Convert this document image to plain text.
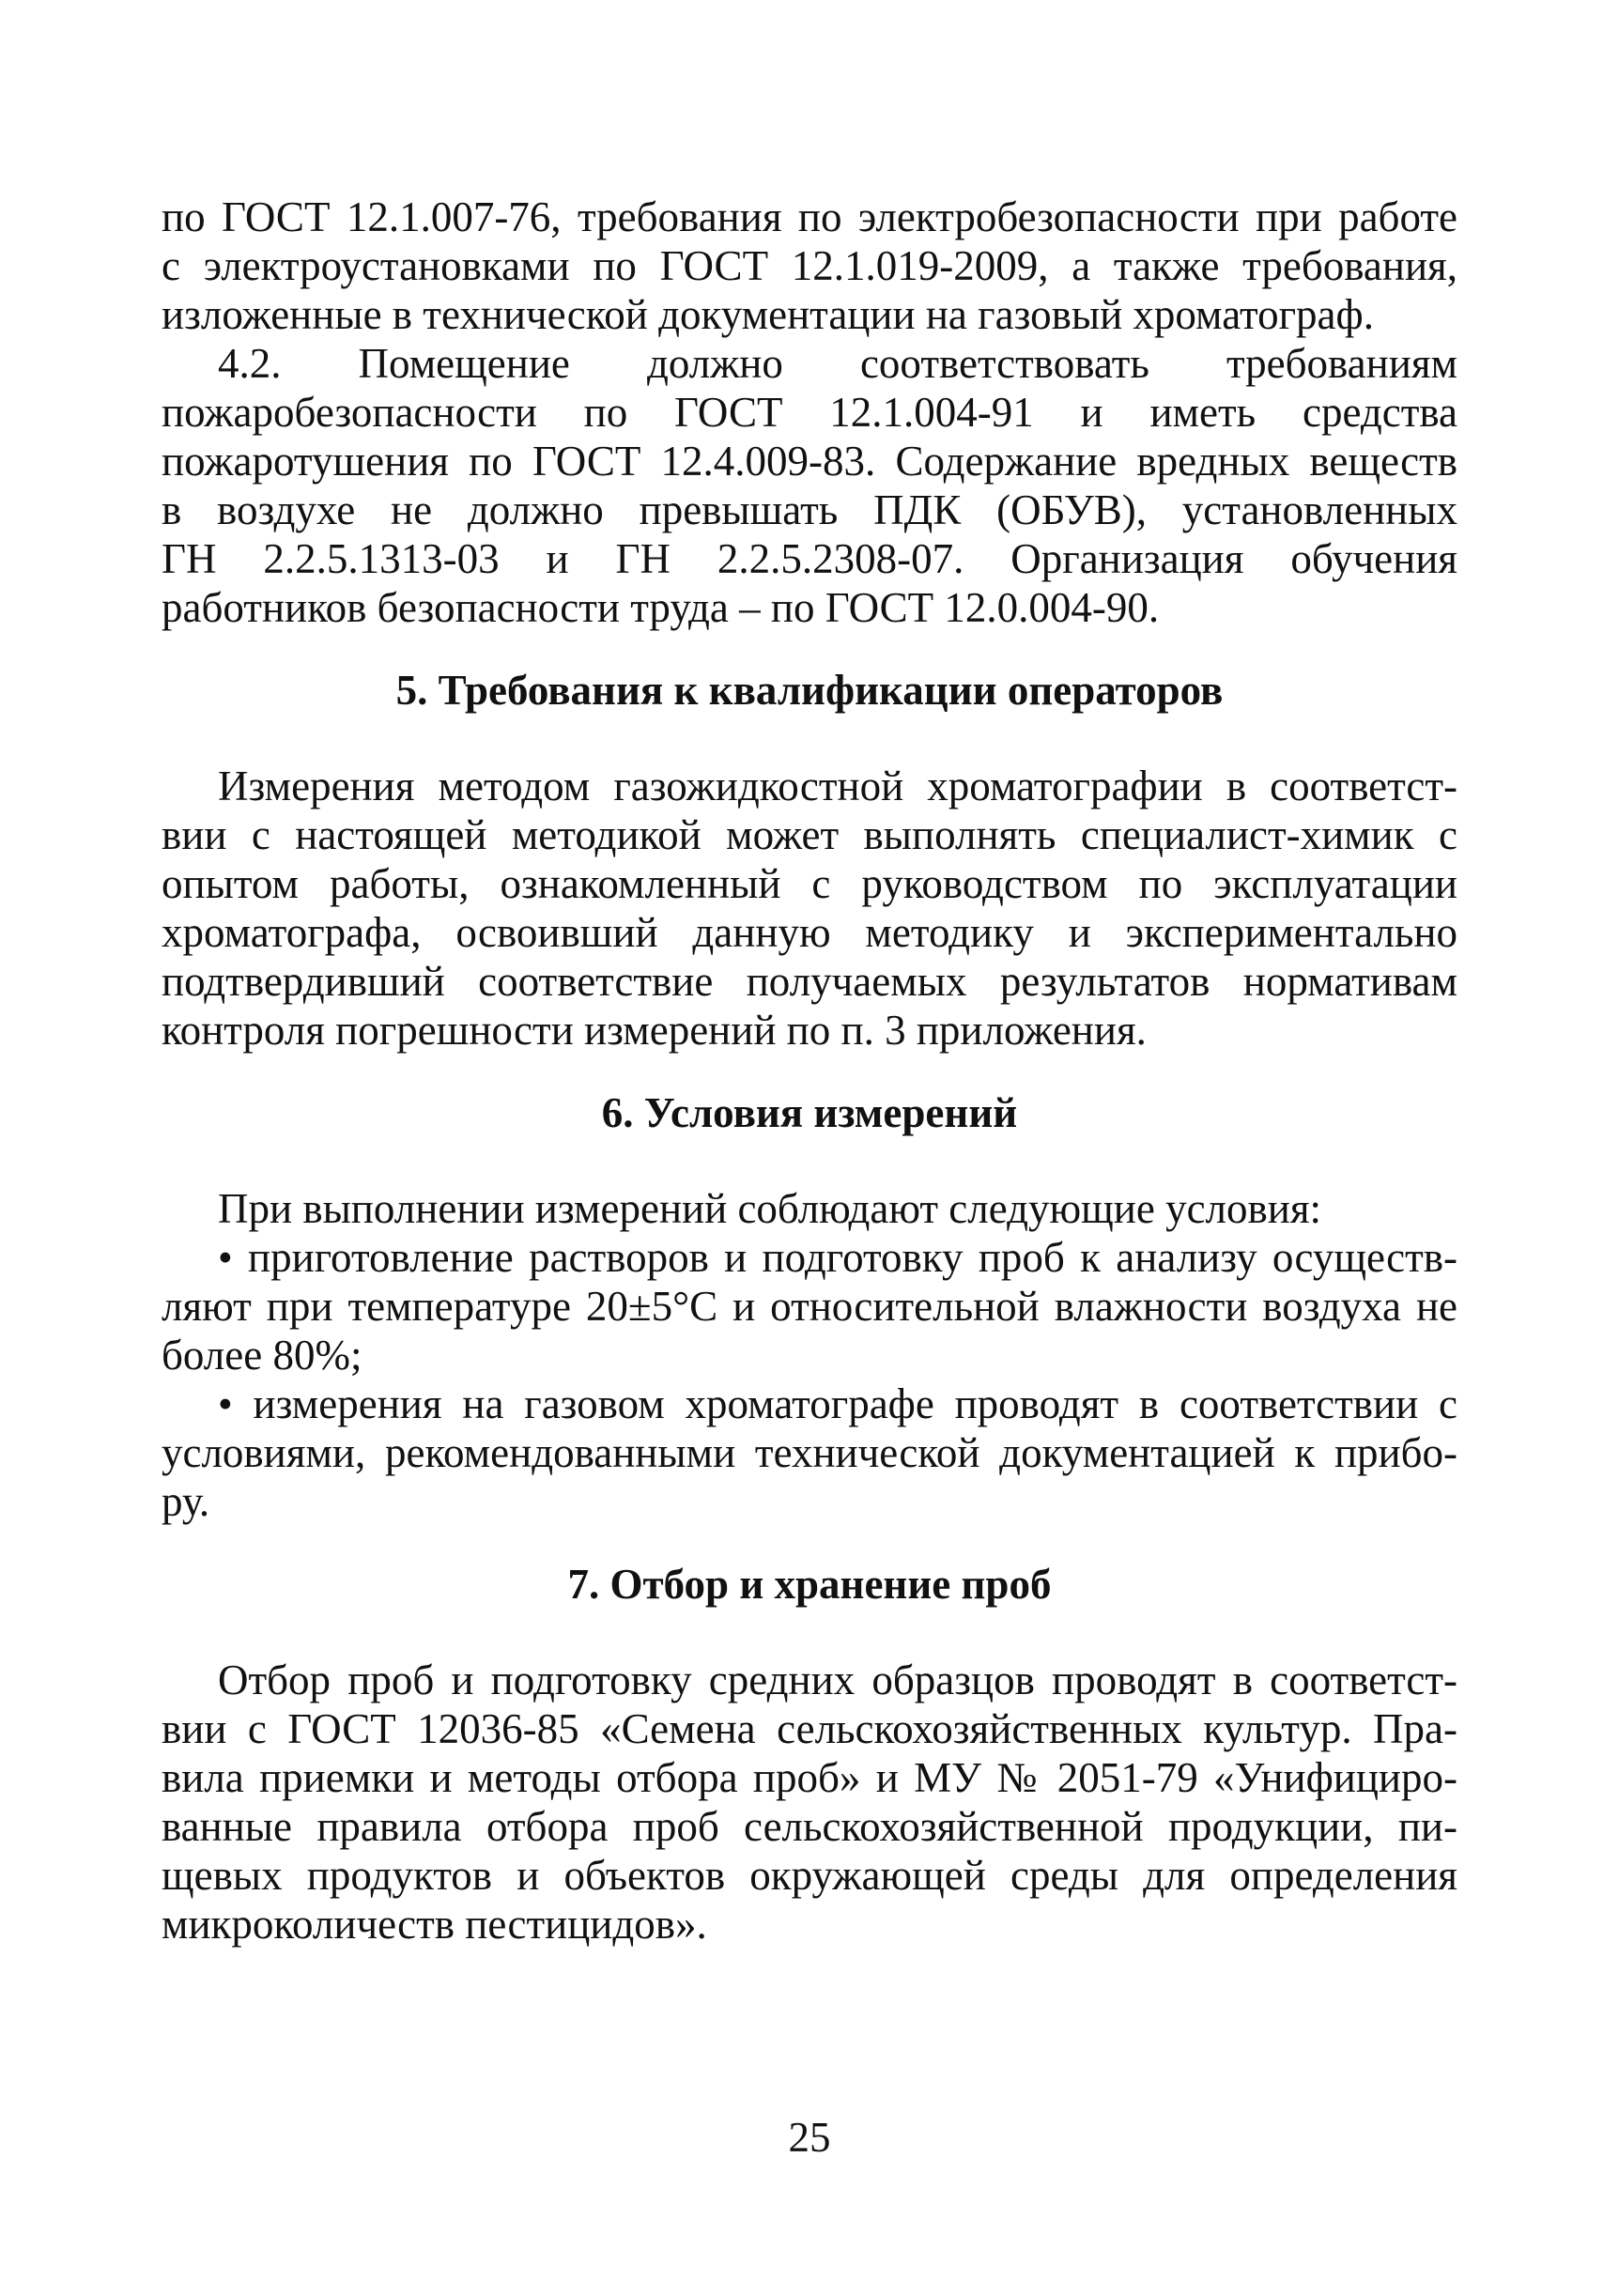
по ГОСТ 12.1.007-76, требования по электробезопасности при работе
с электроустановками по ГОСТ 12.1.019-2009, а также требования,
изложенные в технической документации на газовый хроматограф.
4.2. Помещение должно соответствовать требованиям
пожаробезопасности по ГОСТ 12.1.004-91 и иметь средства
пожаротушения по ГОСТ 12.4.009-83. Содержание вредных веществ
в воздухе не должно превышать ПДК (ОБУВ), установленных
ГН 2.2.5.1313-03 и ГН 2.2.5.2308-07. Организация обучения
работников безопасности труда – по ГОСТ 12.0.004-90.
5. Требования к квалификации операторов
Измерения методом газожидкостной хроматографии в соответст-
вии с настоящей методикой может выполнять специалист-химик с
опытом работы, ознакомленный с руководством по эксплуатации
хроматографа, освоивший данную методику и экспериментально
подтвердивший соответствие получаемых результатов нормативам
контроля погрешности измерений по п. 3 приложения.
6. Условия измерений
При выполнении измерений соблюдают следующие условия:
• приготовление растворов и подготовку проб к анализу осуществ-
ляют при температуре 20±5°С и относительной влажности воздуха не
более 80%;
• измерения на газовом хроматографе проводят в соответствии с
условиями, рекомендованными технической документацией к прибо-
ру.
7. Отбор и хранение проб
Отбор проб и подготовку средних образцов проводят в соответст-
вии с ГОСТ 12036-85 «Семена сельскохозяйственных культур. Пра-
вила приемки и методы отбора проб» и МУ № 2051-79 «Унифициро-
ванные правила отбора проб сельскохозяйственной продукции, пи-
щевых продуктов и объектов окружающей среды для определения
микроколичеств пестицидов».
25
